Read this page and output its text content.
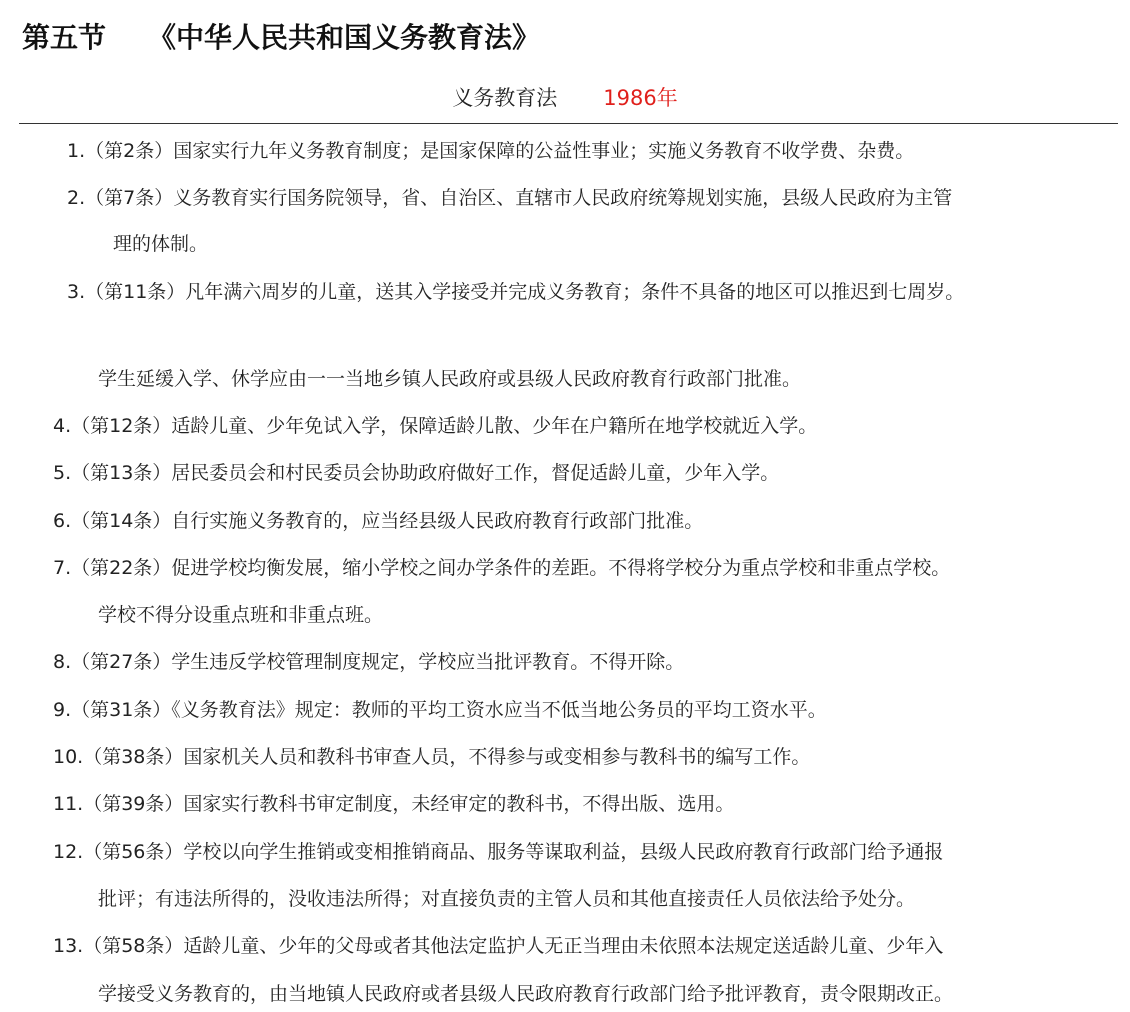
第五节 《中华人民共和国义务教育法》
义务教育法 1986年
1.（第2条）国家实行九年义务教育制度；是国家保障的公益性事业；实施义务教育不收学费、杂费。
2.（第7条）义务教育实行国务院领导，省、自治区、直辖市人民政府统筹规划实施，县级人民政府为主管
理的体制。
3.（第11条）凡年满六周岁的儿童，送其入学接受并完成义务教育；条件不具备的地区可以推迟到七周岁。
学生延缓入学、休学应由一一当地乡镇人民政府或县级人民政府教育行政部门批准。
4.（第12条）适龄儿童、少年免试入学，保障适龄儿散、少年在户籍所在地学校就近入学。
5.（第13条）居民委员会和村民委员会协助政府做好工作，督促适龄儿童，少年入学。
6.（第14条）自行实施义务教育的，应当经县级人民政府教育行政部门批准。
7.（第22条）促进学校均衡发展，缩小学校之间办学条件的差距。不得将学校分为重点学校和非重点学校。
学校不得分设重点班和非重点班。
8.（第27条）学生违反学校管理制度规定，学校应当批评教育。不得开除。
9.（第31条）《义务教育法》规定：教师的平均工资水应当不低当地公务员的平均工资水平。
10.（第38条）国家机关人员和教科书审查人员，不得参与或变相参与教科书的编写工作。
11.（第39条）国家实行教科书审定制度，未经审定的教科书，不得出版、选用。
12.（第56条）学校以向学生推销或变相推销商品、服务等谋取利益，县级人民政府教育行政部门给予通报
批评；有违法所得的，没收违法所得；对直接负责的主管人员和其他直接责任人员依法给予处分。
13.（第58条）适龄儿童、少年的父母或者其他法定监护人无正当理由未依照本法规定送适龄儿童、少年入
学接受义务教育的，由当地镇人民政府或者县级人民政府教育行政部门给予批评教育，责令限期改正。
